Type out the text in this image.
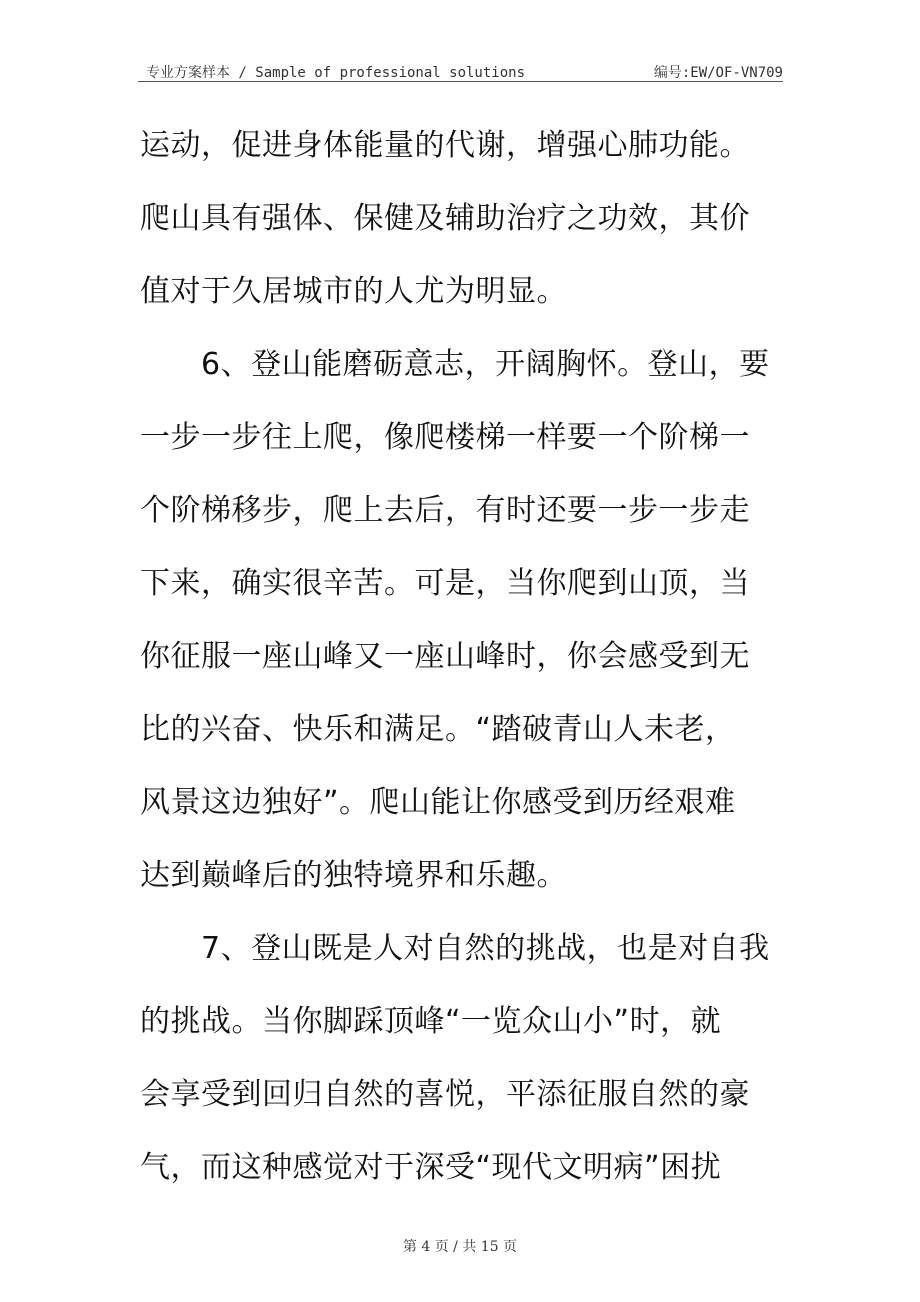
专业方案样本 / Sample of professional solutions	编号:EW/OF-VN709
运动，促进身体能量的代谢，增强心肺功能。
爬山具有强体、保健及辅助治疗之功效，其价
值对于久居城市的人尤为明显。
　　6、登山能磨砺意志，开阔胸怀。登山，要
一步一步往上爬，像爬楼梯一样要一个阶梯一
个阶梯移步，爬上去后，有时还要一步一步走
下来，确实很辛苦。可是，当你爬到山顶，当
你征服一座山峰又一座山峰时，你会感受到无
比的兴奋、快乐和满足。“踏破青山人未老，
风景这边独好”。爬山能让你感受到历经艰难
达到巅峰后的独特境界和乐趣。
　　7、登山既是人对自然的挑战，也是对自我
的挑战。当你脚踩顶峰“一览众山小”时，就
会享受到回归自然的喜悦，平添征服自然的豪
气，而这种感觉对于深受“现代文明病”困扰
第 4 页 / 共 15 页
